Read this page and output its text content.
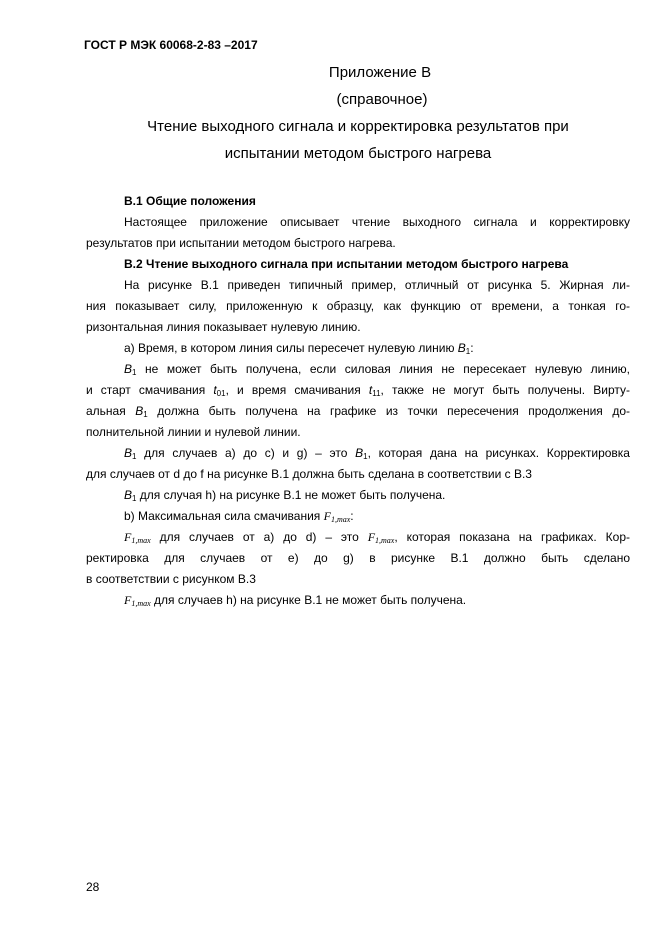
ГОСТ Р МЭК 60068-2-83 –2017
Приложение В
(справочное)
Чтение выходного сигнала и корректировка результатов при
испытании методом быстрого нагрева
В.1 Общие положения
Настоящее приложение описывает чтение выходного сигнала и корректировку
результатов при испытании методом быстрого нагрева.
В.2 Чтение выходного сигнала при испытании методом быстрого нагрева
На рисунке В.1 приведен типичный пример, отличный от рисунка 5. Жирная ли-
ния показывает силу, приложенную к образцу, как функцию от времени, а тонкая го-
ризонтальная линия показывает нулевую линию.
а) Время, в котором линия силы пересечет нулевую линию $B_1$:
$B_1$ не может быть получена, если силовая линия не пересекает нулевую линию,
и старт смачивания $t_{01}$, и время смачивания $t_{11}$, также не могут быть получены. Вирту-
альная $B_1$ должна быть получена на графике из точки пересечения продолжения до-
полнительной линии и нулевой линии.
$B_1$ для случаев а) до с) и g) – это $B_1$, которая дана на рисунках. Корректировка
для случаев от d до f на рисунке В.1 должна быть сделана в соответствии с В.3
$B_1$ для случая h) на рисунке В.1 не может быть получена.
b) Максимальная сила смачивания $F_{1,max}$:
$F_{1,max}$ для случаев от а) до d) – это $F_{1,max}$, которая показана на графиках. Кор-
ректировка для случаев от е) до g) в рисунке В.1 должно быть сделано
в соответствии с рисунком В.3
$F_{1,max}$ для случаев h) на рисунке В.1 не может быть получена.
28
